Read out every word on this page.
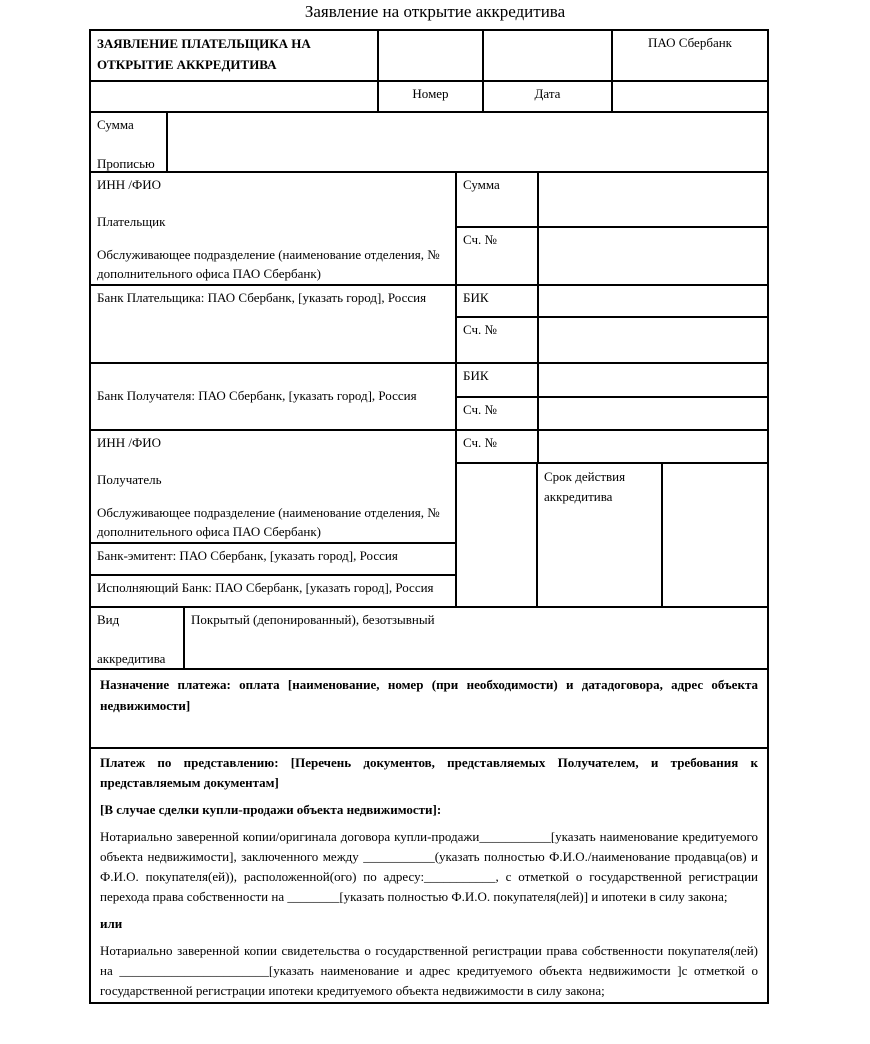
Заявление на открытие аккредитива

ЗАЯВЛЕНИЕ ПЛАТЕЛЬЩИКА НА

ОТКРЫТИЕ АККРЕДИТИВА

ПАО Сбербанк
Номер	Дата

Сумма

Прописью

ИНН /ФИО

Плательщик

Обслуживающее подразделение (наименование отделения, № дополнительного офиса ПАО Сбербанк)

Сумма
Сч. №
Банк Плательщика: ПАО Сбербанк, [указать город], Россия	БИК
Сч. №
Банк Получателя: ПАО Сбербанк, [указать город], Россия
БИК
Сч. №

ИНН /ФИО

Получатель

Обслуживающее подразделение (наименование отделения, № дополнительного офиса ПАО Сбербанк)

Сч. №
Срок действия аккредитива
Банк-эмитент: ПАО Сбербанк, [указать город], Россия
Исполняющий Банк: ПАО Сбербанк, [указать город], Россия

Вид

аккредитива

Покрытый (депонированный), безотзывный
Назначение платежа: оплата [наименование, номер (при необходимости) и датадоговора, адрес объекта недвижимости]

Платеж по представлению: [Перечень документов, представляемых Получателем, и требования к представляемым документам]

[В случае сделки купли-продажи объекта недвижимости]:

Нотариально заверенной копии/оригинала договора купли-продажи___________[указать наименование кредитуемого объекта недвижимости], заключенного между ___________(указать полностью Ф.И.О./наименование продавца(ов) и Ф.И.О. покупателя(ей)), расположенной(ого) по адресу:___________, с отметкой о государственной регистрации перехода права собственности на ________[указать полностью Ф.И.О. покупателя(лей)] и ипотеки в силу закона;

или

Нотариально заверенной копии свидетельства о государственной регистрации права собственности покупателя(лей) на _______________________[указать наименование и адрес кредитуемого объекта недвижимости ]с отметкой о государственной регистрации ипотеки кредитуемого объекта недвижимости в силу закона;
